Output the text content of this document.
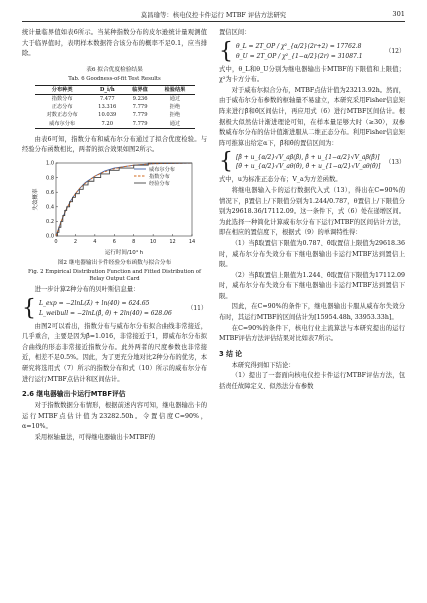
莫昌瑜等：核电仪控卡件运行 MTBF 评估方法研究	301

统计量临界值如表6所示。当某种指数分布的皮尔逊统计量观测值大于临界值时，表明样本数据符合该分布的概率不足0.1，应当排除。

表6 拟合优度检验结果
Tab. 6 Goodness-of-fit Test Results
分布种类	D_i/h	临界值	检验结果
指数分布	7.477	9.236	通过
正态分布	13.316	7.779	拒绝
对数正态分布	10.039	7.779	拒绝
威布尔分布	7.20	7.779	通过

由表6可知，指数分布和威布尔分布通过了拟合优度检验。与经验分布函数相比，两者的拟合效果如图2所示。

0	2	4	6	8	10	12	14
0.0
0.2
0.4
0.6
0.8
1.0
运行时间/10⁴ h
失效概率
威布尔分布
指数分布
经验分布
图2 继电器输出卡件经验分布函数与拟合分布
Fig. 2 Empirical Distribution Function and Fitted Distribution of Relay Output Card

进一步计算2种分布的贝叶斯信息量：

{ L_exp = −2lnL(λ̂) + ln(40) = 624.65
L_weibull = −2lnL(β̂, θ̂) + 2ln(40) = 628.06
（11）

由图2可以看出，指数分布与威布尔分布拟合曲线非常接近，几乎重合，主要是因为β̂=1.016，非常接近于1，即威布尔分布拟合曲线的形态非常接近指数分布。此外两者的尺度参数也非常接近，相差不足0.5%。因此，为了更充分地对比2种分布的优劣，本研究将选用式（7）所示的指数分布和式（10）所示的威布尔分布进行运行MTBF点估计和区间估计。

2.6 继电器输出卡运行MTBF评估

对于指数数据分布情形，根据前述内容可知，继电器输出卡的运行MTBF点估计值为23282.50h。令置信度C=90%，α=10%。

采用枢轴量法，可得继电器输出卡MTBF的

置信区间：

{ θ_L = 2T_OP / χ²_{α/2}(2r+2) = 17762.8
θ_U = 2T_OP / χ²_{1−α/2}(2r) = 31087.1
（12）

式中，θ_L和θ_U分别为继电器输出卡MTBF的下限值和上限值；χ²为卡方分布。

对于威布尔拟合分布，MTBF点估计值为23213.92h。然而，由于威布尔分布参数的枢轴量不易建立，本研究采用Fisher信息矩阵来进行β̂和θ̂区间估计，再应用式（6）进行MTBF区间估计。根据极大似然估计渐进理论可知，在样本量足够大时（≥30），双参数威布尔分布的估计值渐进服从二维正态分布。利用Fisher信息矩阵可推算出给定α下，β̂和θ̂的置信区间为：

{ [β̂ + u_{α/2}√V_aβ(β̂), β̂ + u_{1−α/2}√V_aβ(β̂)]
[θ̂ + u_{α/2}√V_aθ(θ̂), θ̂ + u_{1−α/2}√V_aθ(θ̂)]
（13）

式中，u为标准正态分布；V_a为方差函数。

将继电器输入卡的运行数据代入式（13），得出在C=90%的情况下，β置信上/下限值分别为1.244/0.787，θ置信上/下限值分别为29618.36/17112.09。这一条件下，式（6）处在递增区间。为此选择一种简化计算威布尔分布下运行MTBF的区间估计方法，即在相应的置信度下，根据式（9）的单调特性得：

（1）当β̂取置信下限值为0.787、θ̂取置信上限值为29618.36时，威布尔分布失效分布下继电器输出卡运行MTBF达到置信上限。

（2）当β̂取置信上限值为1.244、θ̂取置信下限值为17112.09时，威布尔分布失效分布下继电器输出卡运行MTBF达到置信下限。

因此，在C=90%的条件下，继电器输出卡服从威布尔失效分布时，其运行MTBF的区间估计为[15954.48h, 33953.33h]。

在C=90%的条件下，核电行业主流算法与本研究提出的运行MTBF评估方法评估结果对比如表7所示。

3 结 论

本研究得到如下结论：

（1）提出了一套面向核电仪控卡件运行MTBF评估方法，包括责任故障定义、似然法分布参数
